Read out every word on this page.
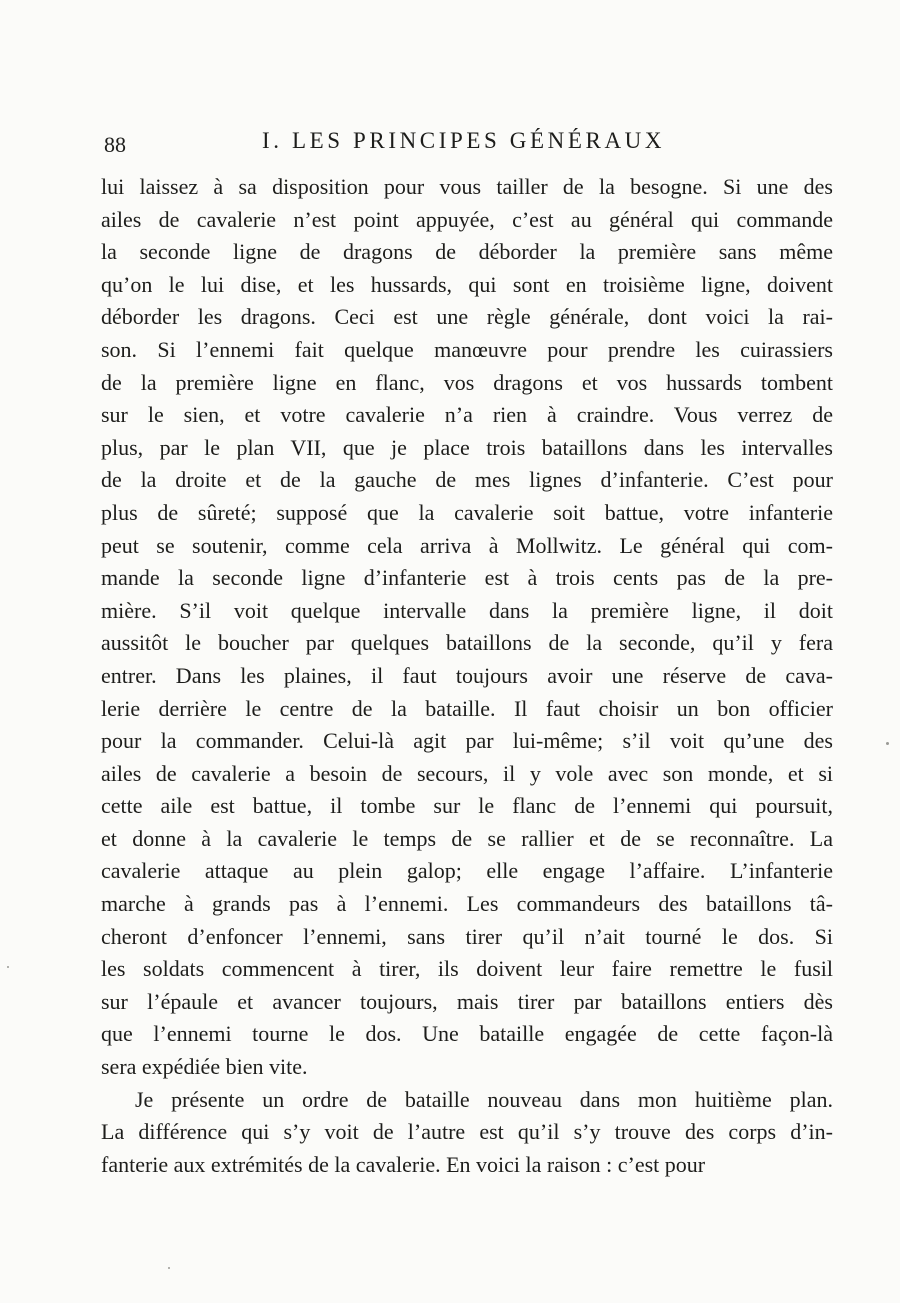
88	I. LES PRINCIPES GÉNÉRAUX
lui laissez à sa disposition pour vous tailler de la besogne. Si une des
ailes de cavalerie n’est point appuyée, c’est au général qui commande
la seconde ligne de dragons de déborder la première sans même
qu’on le lui dise, et les hussards, qui sont en troisième ligne, doivent
déborder les dragons. Ceci est une règle générale, dont voici la rai-
son. Si l’ennemi fait quelque manœuvre pour prendre les cuirassiers
de la première ligne en flanc, vos dragons et vos hussards tombent
sur le sien, et votre cavalerie n’a rien à craindre. Vous verrez de
plus, par le plan VII, que je place trois bataillons dans les intervalles
de la droite et de la gauche de mes lignes d’infanterie. C’est pour
plus de sûreté; supposé que la cavalerie soit battue, votre infanterie
peut se soutenir, comme cela arriva à Mollwitz. Le général qui com-
mande la seconde ligne d’infanterie est à trois cents pas de la pre-
mière. S’il voit quelque intervalle dans la première ligne, il doit
aussitôt le boucher par quelques bataillons de la seconde, qu’il y fera
entrer. Dans les plaines, il faut toujours avoir une réserve de cava-
lerie derrière le centre de la bataille. Il faut choisir un bon officier
pour la commander. Celui-là agit par lui-même; s’il voit qu’une des
ailes de cavalerie a besoin de secours, il y vole avec son monde, et si
cette aile est battue, il tombe sur le flanc de l’ennemi qui poursuit,
et donne à la cavalerie le temps de se rallier et de se reconnaître. La
cavalerie attaque au plein galop; elle engage l’affaire. L’infanterie
marche à grands pas à l’ennemi. Les commandeurs des bataillons tâ-
cheront d’enfoncer l’ennemi, sans tirer qu’il n’ait tourné le dos. Si
les soldats commencent à tirer, ils doivent leur faire remettre le fusil
sur l’épaule et avancer toujours, mais tirer par bataillons entiers dès
que l’ennemi tourne le dos. Une bataille engagée de cette façon-là
sera expédiée bien vite.
Je présente un ordre de bataille nouveau dans mon huitième plan.
La différence qui s’y voit de l’autre est qu’il s’y trouve des corps d’in-
fanterie aux extrémités de la cavalerie. En voici la raison : c’est pour
